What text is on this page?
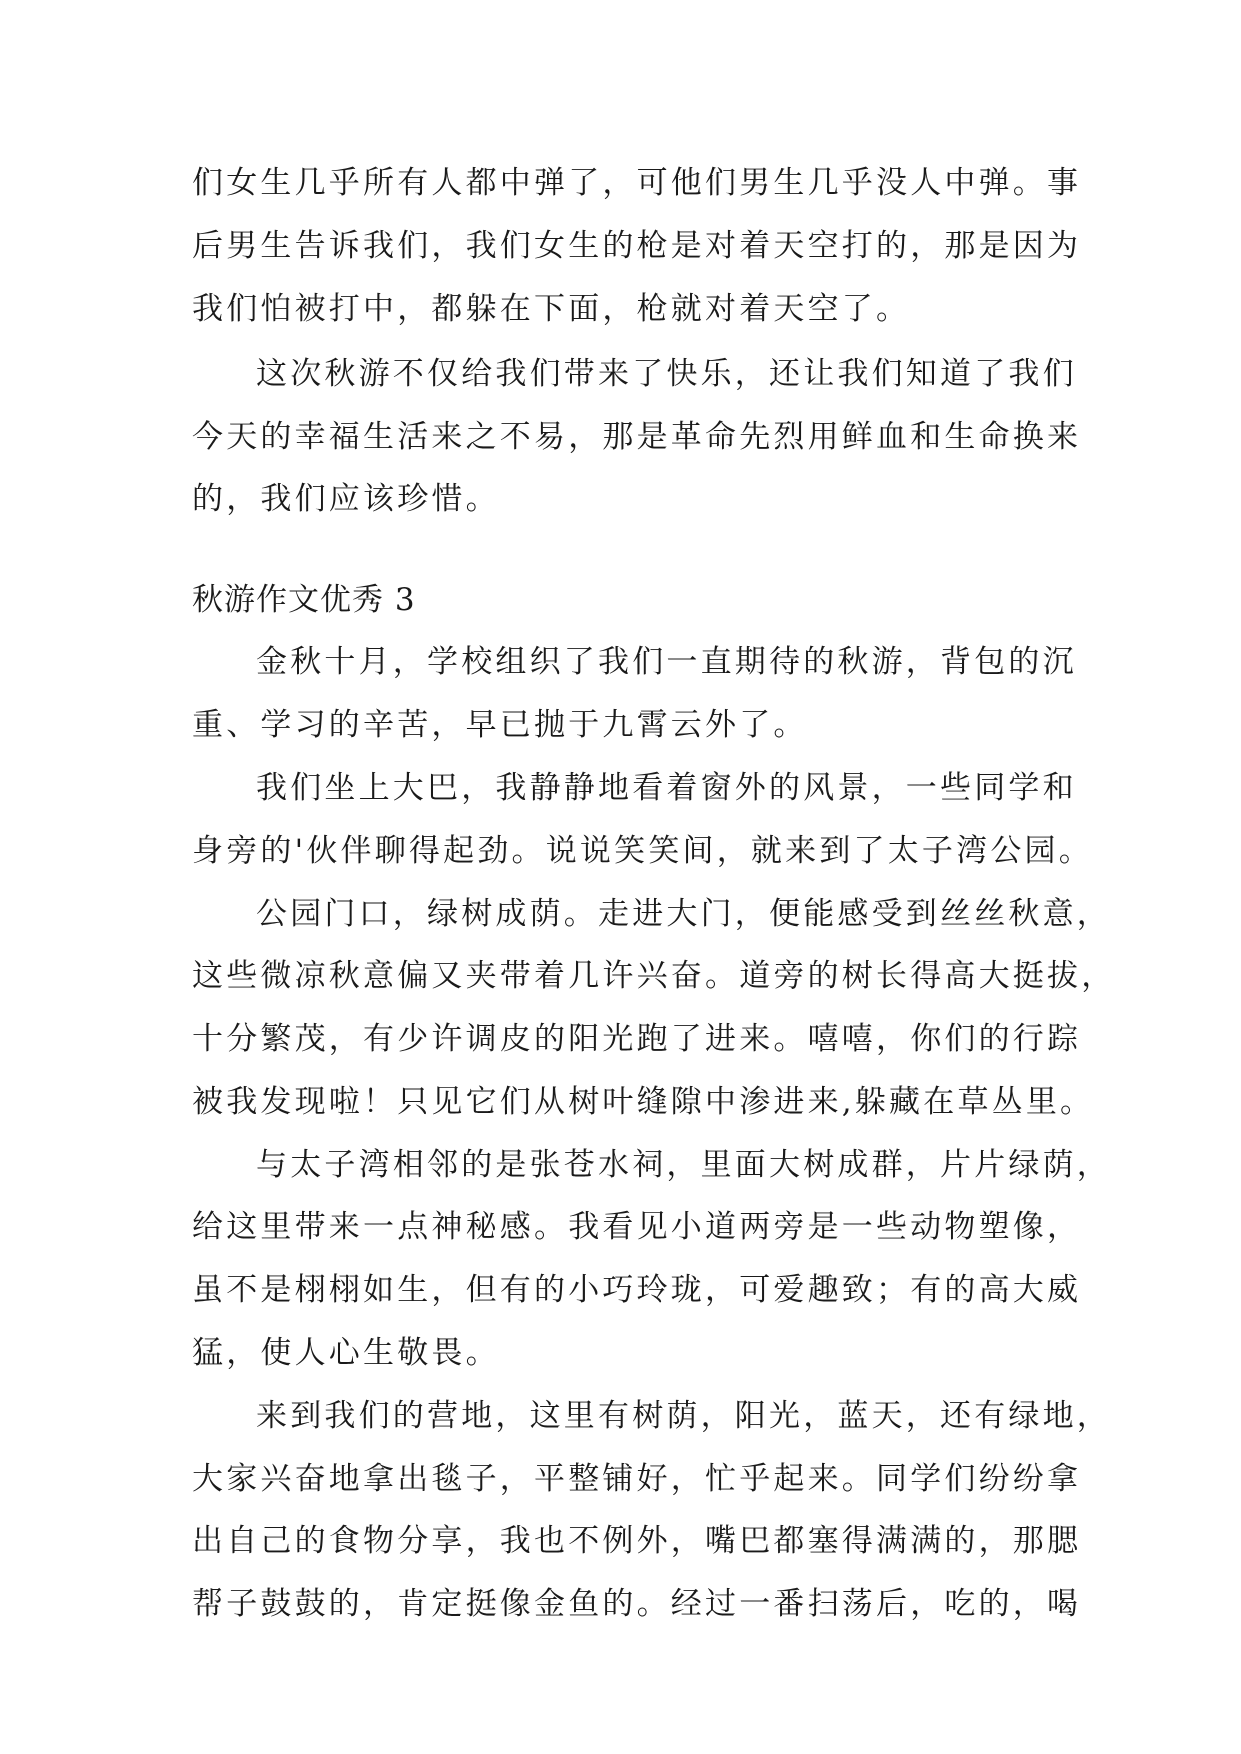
们女生几乎所有人都中弹了，可他们男生几乎没人中弹。事
后男生告诉我们，我们女生的枪是对着天空打的，那是因为
我们怕被打中，都躲在下面，枪就对着天空了。
这次秋游不仅给我们带来了快乐，还让我们知道了我们
今天的幸福生活来之不易，那是革命先烈用鲜血和生命换来
的，我们应该珍惜。
秋游作文优秀 3
金秋十月，学校组织了我们一直期待的秋游，背包的沉
重、学习的辛苦，早已抛于九霄云外了。
我们坐上大巴，我静静地看着窗外的风景，一些同学和
身旁的'伙伴聊得起劲。说说笑笑间，就来到了太子湾公园。
公园门口，绿树成荫。走进大门，便能感受到丝丝秋意，
这些微凉秋意偏又夹带着几许兴奋。道旁的树长得高大挺拔，
十分繁茂，有少许调皮的阳光跑了进来。嘻嘻，你们的行踪
被我发现啦！只见它们从树叶缝隙中渗进来,躲藏在草丛里。
与太子湾相邻的是张苍水祠，里面大树成群，片片绿荫，
给这里带来一点神秘感。我看见小道两旁是一些动物塑像，
虽不是栩栩如生，但有的小巧玲珑，可爱趣致；有的高大威
猛，使人心生敬畏。
来到我们的营地，这里有树荫，阳光，蓝天，还有绿地，
大家兴奋地拿出毯子，平整铺好，忙乎起来。同学们纷纷拿
出自己的食物分享，我也不例外，嘴巴都塞得满满的，那腮
帮子鼓鼓的，肯定挺像金鱼的。经过一番扫荡后，吃的，喝
